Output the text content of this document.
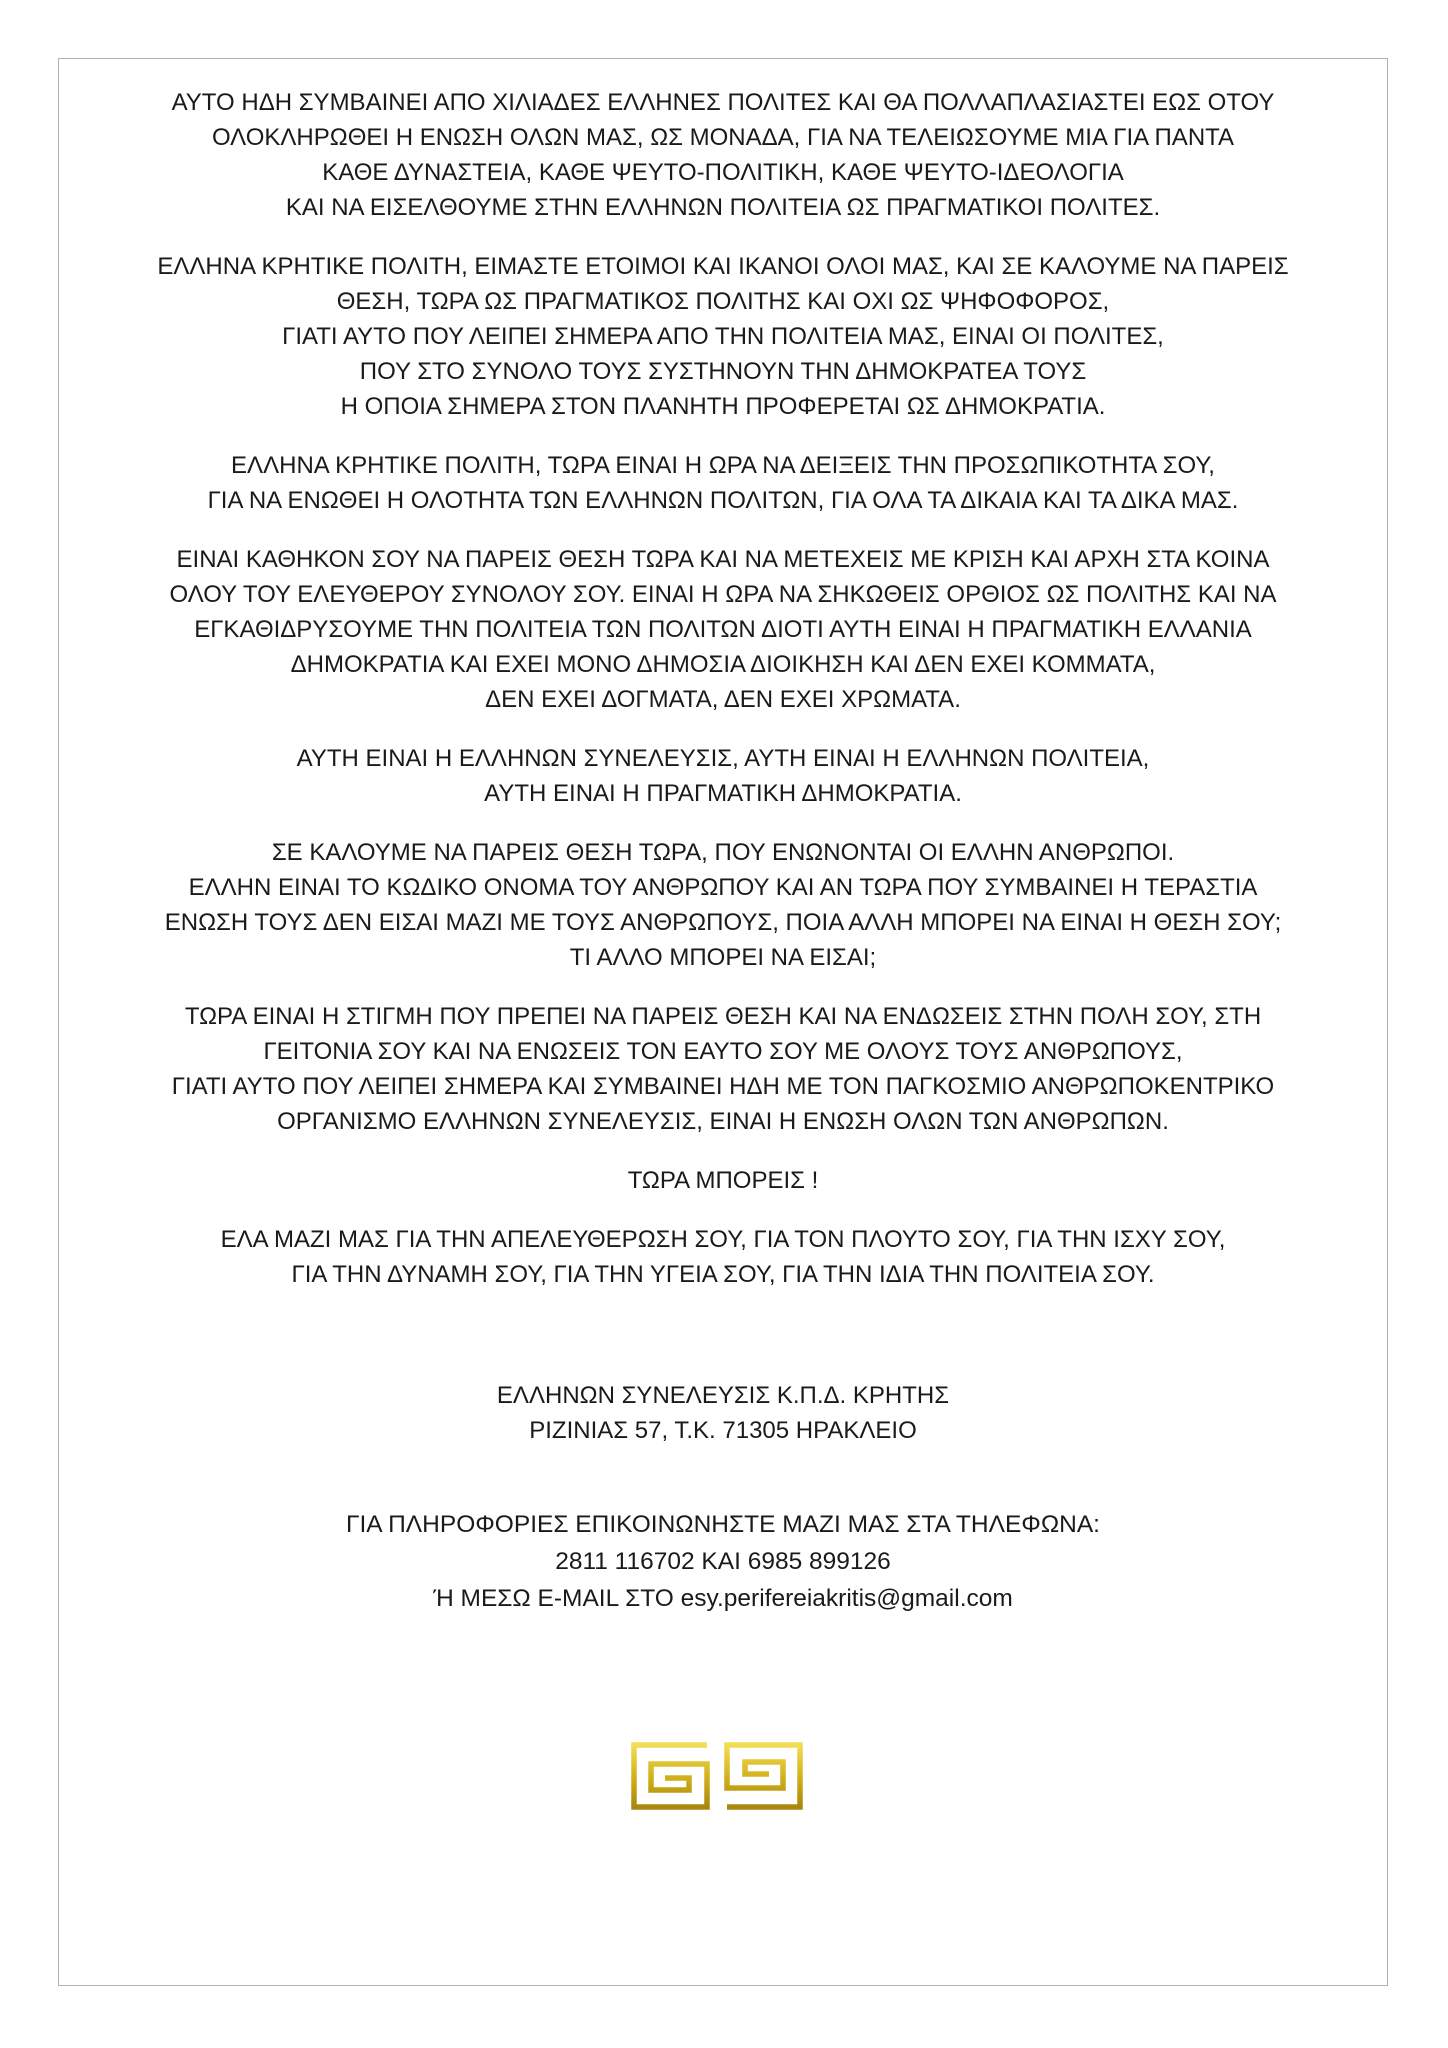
ΑΥΤΟ ΗΔΗ ΣΥΜΒΑΙΝΕΙ ΑΠΟ ΧΙΛΙΑΔΕΣ ΕΛΛΗΝΕΣ ΠΟΛΙΤΕΣ ΚΑΙ ΘΑ ΠΟΛΛΑΠΛΑΣΙΑΣΤΕΙ ΕΩΣ ΟΤΟΥ
ΟΛΟΚΛΗΡΩΘΕΙ Η ΕΝΩΣΗ ΟΛΩΝ ΜΑΣ, ΩΣ ΜΟΝΑΔΑ, ΓΙΑ ΝΑ ΤΕΛΕΙΩΣΟΥΜΕ ΜΙΑ ΓΙΑ ΠΑΝΤΑ
ΚΑΘΕ ΔΥΝΑΣΤΕΙΑ, ΚΑΘΕ ΨΕΥΤΟ-ΠΟΛΙΤΙΚΗ, ΚΑΘΕ ΨΕΥΤΟ-ΙΔΕΟΛΟΓΙΑ
ΚΑΙ ΝΑ ΕΙΣΕΛΘΟΥΜΕ ΣΤΗΝ ΕΛΛΗΝΩΝ ΠΟΛΙΤΕΙΑ ΩΣ ΠΡΑΓΜΑΤΙΚΟΙ ΠΟΛΙΤΕΣ.

ΕΛΛΗΝΑ ΚΡΗΤΙΚΕ ΠΟΛΙΤΗ, ΕΙΜΑΣΤΕ ΕΤΟΙΜΟΙ ΚΑΙ ΙΚΑΝΟΙ ΟΛΟΙ ΜΑΣ, ΚΑΙ ΣΕ ΚΑΛΟΥΜΕ ΝΑ ΠΑΡΕΙΣ
ΘΕΣΗ, ΤΩΡΑ ΩΣ ΠΡΑΓΜΑΤΙΚΟΣ ΠΟΛΙΤΗΣ ΚΑΙ ΟΧΙ ΩΣ ΨΗΦΟΦΟΡΟΣ,
ΓΙΑΤΙ ΑΥΤΟ ΠΟΥ ΛΕΙΠΕΙ ΣΗΜΕΡΑ ΑΠΟ ΤΗΝ ΠΟΛΙΤΕΙΑ ΜΑΣ, ΕΙΝΑΙ ΟΙ ΠΟΛΙΤΕΣ,
ΠΟΥ ΣΤΟ ΣΥΝΟΛΟ ΤΟΥΣ ΣΥΣΤΗΝΟΥΝ ΤΗΝ ΔΗΜΟΚΡΑΤΕΑ ΤΟΥΣ
Η ΟΠΟΙΑ ΣΗΜΕΡΑ ΣΤΟΝ ΠΛΑΝΗΤΗ ΠΡΟΦΕΡΕΤΑΙ ΩΣ ΔΗΜΟΚΡΑΤΙΑ.

ΕΛΛΗΝΑ ΚΡΗΤΙΚΕ ΠΟΛΙΤΗ, ΤΩΡΑ ΕΙΝΑΙ Η ΩΡΑ ΝΑ ΔΕΙΞΕΙΣ ΤΗΝ ΠΡΟΣΩΠΙΚΟΤΗΤΑ ΣΟΥ,
ΓΙΑ ΝΑ ΕΝΩΘΕΙ Η ΟΛΟΤΗΤΑ ΤΩΝ ΕΛΛΗΝΩΝ ΠΟΛΙΤΩΝ, ΓΙΑ ΟΛΑ ΤΑ ΔΙΚΑΙΑ ΚΑΙ ΤΑ ΔΙΚΑ ΜΑΣ.

ΕΙΝΑΙ ΚΑΘΗΚΟΝ ΣΟΥ ΝΑ ΠΑΡΕΙΣ ΘΕΣΗ ΤΩΡΑ ΚΑΙ ΝΑ ΜΕΤΕΧΕΙΣ ΜΕ ΚΡΙΣΗ ΚΑΙ ΑΡΧΗ ΣΤΑ ΚΟΙΝΑ
ΟΛΟΥ ΤΟΥ ΕΛΕΥΘΕΡΟΥ ΣΥΝΟΛΟΥ ΣΟΥ. ΕΙΝΑΙ Η ΩΡΑ ΝΑ ΣΗΚΩΘΕΙΣ ΟΡΘΙΟΣ ΩΣ ΠΟΛΙΤΗΣ ΚΑΙ ΝΑ
ΕΓΚΑΘΙΔΡΥΣΟΥΜΕ ΤΗΝ ΠΟΛΙΤΕΙΑ ΤΩΝ ΠΟΛΙΤΩΝ ΔΙΟΤΙ ΑΥΤΗ ΕΙΝΑΙ Η ΠΡΑΓΜΑΤΙΚΗ ΕΛΛΑΝΙΑ
ΔΗΜΟΚΡΑΤΙΑ ΚΑΙ ΕΧΕΙ ΜΟΝΟ ΔΗΜΟΣΙΑ ΔΙΟΙΚΗΣΗ ΚΑΙ ΔΕΝ ΕΧΕΙ ΚΟΜΜΑΤΑ,
ΔΕΝ ΕΧΕΙ ΔΟΓΜΑΤΑ, ΔΕΝ ΕΧΕΙ ΧΡΩΜΑΤΑ.

ΑΥΤΗ ΕΙΝΑΙ Η ΕΛΛΗΝΩΝ ΣΥΝΕΛΕΥΣΙΣ, ΑΥΤΗ ΕΙΝΑΙ Η ΕΛΛΗΝΩΝ ΠΟΛΙΤΕΙΑ,
ΑΥΤΗ ΕΙΝΑΙ Η ΠΡΑΓΜΑΤΙΚΗ ΔΗΜΟΚΡΑΤΙΑ.

ΣΕ ΚΑΛΟΥΜΕ ΝΑ ΠΑΡΕΙΣ ΘΕΣΗ ΤΩΡΑ, ΠΟΥ ΕΝΩΝΟΝΤΑΙ ΟΙ ΕΛΛΗΝ ΑΝΘΡΩΠΟΙ.
ΕΛΛΗΝ ΕΙΝΑΙ ΤΟ ΚΩΔΙΚΟ ΟΝΟΜΑ ΤΟΥ ΑΝΘΡΩΠΟΥ ΚΑΙ ΑΝ ΤΩΡΑ ΠΟΥ ΣΥΜΒΑΙΝΕΙ Η ΤΕΡΑΣΤΙΑ
ΕΝΩΣΗ ΤΟΥΣ ΔΕΝ ΕΙΣΑΙ ΜΑΖΙ ΜΕ ΤΟΥΣ ΑΝΘΡΩΠΟΥΣ, ΠΟΙΑ ΑΛΛΗ ΜΠΟΡΕΙ ΝΑ ΕΙΝΑΙ Η ΘΕΣΗ ΣΟΥ;
ΤΙ ΑΛΛΟ ΜΠΟΡΕΙ ΝΑ ΕΙΣΑΙ;

ΤΩΡΑ ΕΙΝΑΙ Η ΣΤΙΓΜΗ ΠΟΥ ΠΡΕΠΕΙ ΝΑ ΠΑΡΕΙΣ ΘΕΣΗ ΚΑΙ ΝΑ ΕΝΔΩΣΕΙΣ ΣΤΗΝ ΠΟΛΗ ΣΟΥ, ΣΤΗ
ΓΕΙΤΟΝΙΑ ΣΟΥ ΚΑΙ ΝΑ ΕΝΩΣΕΙΣ ΤΟΝ ΕΑΥΤΟ ΣΟΥ ΜΕ ΟΛΟΥΣ ΤΟΥΣ ΑΝΘΡΩΠΟΥΣ,
ΓΙΑΤΙ ΑΥΤΟ ΠΟΥ ΛΕΙΠΕΙ ΣΗΜΕΡΑ ΚΑΙ ΣΥΜΒΑΙΝΕΙ ΗΔΗ ΜΕ ΤΟΝ ΠΑΓΚΟΣΜΙΟ ΑΝΘΡΩΠΟΚΕΝΤΡΙΚΟ
ΟΡΓΑΝΙΣΜΟ ΕΛΛΗΝΩΝ ΣΥΝΕΛΕΥΣΙΣ, ΕΙΝΑΙ Η ΕΝΩΣΗ ΟΛΩΝ ΤΩΝ ΑΝΘΡΩΠΩΝ.

ΤΩΡΑ ΜΠΟΡΕΙΣ !

ΕΛΑ ΜΑΖΙ ΜΑΣ ΓΙΑ ΤΗΝ ΑΠΕΛΕΥΘΕΡΩΣΗ ΣΟΥ, ΓΙΑ ΤΟΝ ΠΛΟΥΤΟ ΣΟΥ, ΓΙΑ ΤΗΝ ΙΣΧΥ ΣΟΥ,
ΓΙΑ ΤΗΝ ΔΥΝΑΜΗ ΣΟΥ, ΓΙΑ ΤΗΝ ΥΓΕΙΑ ΣΟΥ, ΓΙΑ ΤΗΝ ΙΔΙΑ ΤΗΝ ΠΟΛΙΤΕΙΑ ΣΟΥ.

ΕΛΛΗΝΩΝ ΣΥΝΕΛΕΥΣΙΣ Κ.Π.Δ. ΚΡΗΤΗΣ
ΡΙΖΙΝΙΑΣ 57, Τ.Κ. 71305 ΗΡΑΚΛΕΙΟ

ΓΙΑ ΠΛΗΡΟΦΟΡΙΕΣ ΕΠΙΚΟΙΝΩΝΗΣΤΕ ΜΑΖΙ ΜΑΣ ΣΤΑ ΤΗΛΕΦΩΝΑ:
2811 116702 ΚΑΙ 6985 899126
Ή ΜΕΣΩ E-MAIL ΣΤΟ esy.perifereiakritis@gmail.com
